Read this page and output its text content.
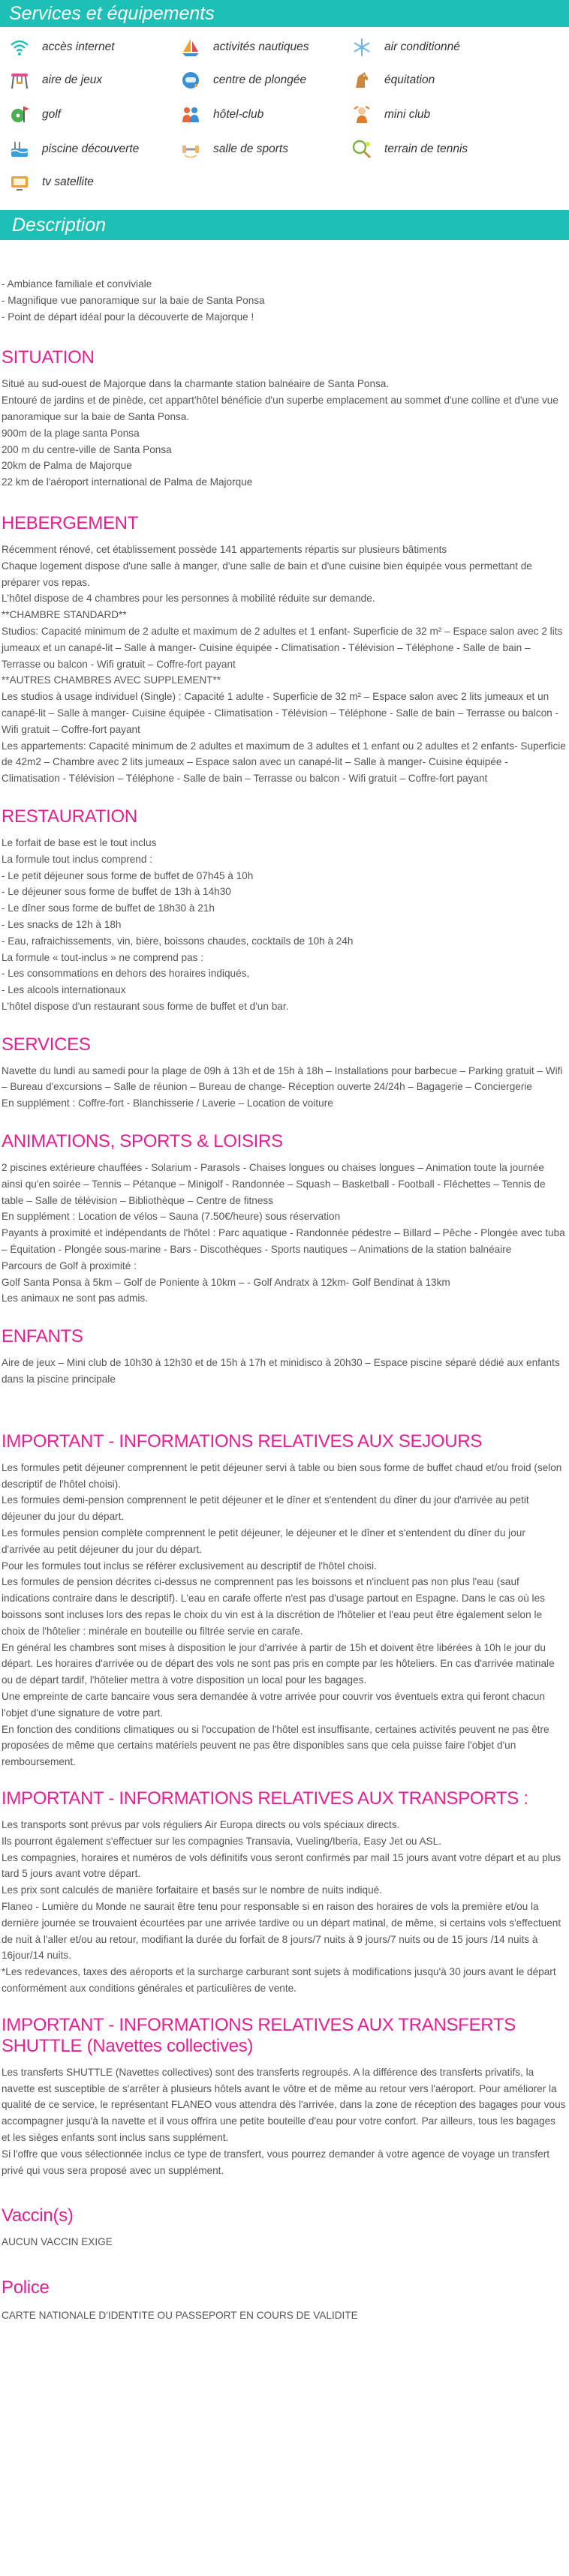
Services et équipements
accès internet	activités nautiques	air conditionné
aire de jeux	centre de plongée	équitation
golf	hôtel-club	mini club
piscine découverte	salle de sports	terrain de tennis
tv satellite
Description

- Ambiance familiale et conviviale

- Magnifique vue panoramique sur la baie de Santa Ponsa

- Point de départ idéal pour la découverte de Majorque !

SITUATION

Situé au sud-ouest de Majorque dans la charmante station balnéaire de Santa Ponsa.

Entouré de jardins et de pinède, cet appart'hôtel bénéficie d'un superbe emplacement au sommet d'une colline et d'une vue panoramique sur la baie de Santa Ponsa.

900m de la plage santa Ponsa

200 m du centre-ville de Santa Ponsa

20km de Palma de Majorque

22 km de l'aéroport international de Palma de Majorque

HEBERGEMENT

Récemment rénové, cet établissement possède 141 appartements répartis sur plusieurs bâtiments

Chaque logement dispose d'une salle à manger, d'une salle de bain et d'une cuisine bien équipée vous permettant de préparer vos repas.

L'hôtel dispose de 4 chambres pour les personnes à mobilité réduite sur demande.

**CHAMBRE STANDARD**

Studios: Capacité minimum de 2 adulte et maximum de 2 adultes et 1 enfant- Superficie de 32 m² – Espace salon avec 2 lits jumeaux et un canapé-lit – Salle à manger- Cuisine équipée - Climatisation - Télévision – Téléphone - Salle de bain – Terrasse ou balcon - Wifi gratuit – Coffre-fort payant

**AUTRES CHAMBRES AVEC SUPPLEMENT**

Les studios à usage individuel (Single) : Capacité 1 adulte - Superficie de 32 m² – Espace salon avec 2 lits jumeaux et un canapé-lit – Salle à manger- Cuisine équipée - Climatisation - Télévision – Téléphone - Salle de bain – Terrasse ou balcon - Wifi gratuit – Coffre-fort payant

Les appartements: Capacité minimum de 2 adultes et maximum de 3 adultes et 1 enfant ou 2 adultes et 2 enfants- Superficie de 42m2 – Chambre avec 2 lits jumeaux – Espace salon avec un canapé-lit – Salle à manger- Cuisine équipée - Climatisation - Télévision – Téléphone - Salle de bain – Terrasse ou balcon - Wifi gratuit – Coffre-fort payant

RESTAURATION

Le forfait de base est le tout inclus

La formule tout inclus comprend :

- Le petit déjeuner sous forme de buffet de 07h45 à 10h

- Le déjeuner sous forme de buffet de 13h à 14h30

- Le dîner sous forme de buffet de 18h30 à 21h

- Les snacks de 12h à 18h

- Eau, rafraichissements, vin, bière, boissons chaudes, cocktails de 10h à 24h

La formule « tout-inclus » ne comprend pas :

- Les consommations en dehors des horaires indiqués,

- Les alcools internationaux

L'hôtel dispose d'un restaurant sous forme de buffet et d'un bar.

SERVICES

Navette du lundi au samedi pour la plage de 09h à 13h et de 15h à 18h – Installations pour barbecue – Parking gratuit – Wifi – Bureau d'excursions – Salle de réunion – Bureau de change- Réception ouverte 24/24h – Bagagerie – Conciergerie

En supplément : Coffre-fort - Blanchisserie / Laverie – Location de voiture

ANIMATIONS, SPORTS & LOISIRS

2 piscines extérieure chauffées - Solarium - Parasols - Chaises longues ou chaises longues – Animation toute la journée ainsi qu'en soirée – Tennis – Pétanque – Minigolf - Randonnée – Squash – Basketball - Football - Fléchettes – Tennis de table – Salle de télévision – Bibliothèque – Centre de fitness

En supplément : Location de vélos – Sauna (7.50€/heure) sous réservation

Payants à proximité et indépendants de l'hôtel : Parc aquatique - Randonnée pédestre – Billard – Pêche - Plongée avec tuba – Équitation - Plongée sous-marine - Bars - Discothèques - Sports nautiques – Animations de la station balnéaire

Parcours de Golf à proximité :

Golf Santa Ponsa à 5km – Golf de Poniente à 10km – - Golf Andratx à 12km- Golf Bendinat à 13km

Les animaux ne sont pas admis.

ENFANTS

Aire de jeux – Mini club de 10h30 à 12h30 et de 15h à 17h et minidisco à 20h30 – Espace piscine séparé dédié aux enfants dans la piscine principale

IMPORTANT - INFORMATIONS RELATIVES AUX SEJOURS

Les formules petit déjeuner comprennent le petit déjeuner servi à table ou bien sous forme de buffet chaud et/ou froid (selon descriptif de l'hôtel choisi).

Les formules demi-pension comprennent le petit déjeuner et le dîner et s'entendent du dîner du jour d'arrivée au petit déjeuner du jour du départ.

Les formules pension complète comprennent le petit déjeuner, le déjeuner et le dîner et s'entendent du dîner du jour d'arrivée au petit déjeuner du jour du départ.

Pour les formules tout inclus se référer exclusivement au descriptif de l'hôtel choisi.

Les formules de pension décrites ci-dessus ne comprennent pas les boissons et n'incluent pas non plus l'eau (sauf indications contraire dans le descriptif). L'eau en carafe offerte n'est pas d'usage partout en Espagne. Dans le cas où les boissons sont incluses lors des repas le choix du vin est à la discrétion de l'hôtelier et l'eau peut être également selon le choix de l'hôtelier : minérale en bouteille ou filtrée servie en carafe.

En général les chambres sont mises à disposition le jour d'arrivée à partir de 15h et doivent être libérées à 10h le jour du départ. Les horaires d'arrivée ou de départ des vols ne sont pas pris en compte par les hôteliers. En cas d'arrivée matinale ou de départ tardif, l'hôtelier mettra à votre disposition un local pour les bagages.

Une empreinte de carte bancaire vous sera demandée à votre arrivée pour couvrir vos éventuels extra qui feront chacun l'objet d'une signature de votre part.

En fonction des conditions climatiques ou si l'occupation de l'hôtel est insuffisante, certaines activités peuvent ne pas être proposées de même que certains matériels peuvent ne pas être disponibles sans que cela puisse faire l'objet d'un remboursement.

IMPORTANT - INFORMATIONS RELATIVES AUX TRANSPORTS :

Les transports sont prévus par vols réguliers Air Europa directs ou vols spéciaux directs.

Ils pourront également s'effectuer sur les compagnies Transavia, Vueling/Iberia, Easy Jet ou ASL.

Les compagnies, horaires et numéros de vols définitifs vous seront confirmés par mail 15 jours avant votre départ et au plus tard 5 jours avant votre départ.

Les prix sont calculés de manière forfaitaire et basés sur le nombre de nuits indiqué.

Flaneo - Lumière du Monde ne saurait être tenu pour responsable si en raison des horaires de vols la première et/ou la dernière journée se trouvaient écourtées par une arrivée tardive ou un départ matinal, de même, si certains vols s'effectuent de nuit à l'aller et/ou au retour, modifiant la durée du forfait de 8 jours/7 nuits à 9 jours/7 nuits ou de 15 jours /14 nuits à 16jour/14 nuits.

*Les redevances, taxes des aéroports et la surcharge carburant sont sujets à modifications jusqu'à 30 jours avant le départ conformément aux conditions générales et particulières de vente.

IMPORTANT - INFORMATIONS RELATIVES AUX TRANSFERTS SHUTTLE (Navettes collectives)

Les transferts SHUTTLE (Navettes collectives) sont des transferts regroupés. A la différence des transferts privatifs, la navette est susceptible de s'arrêter à plusieurs hôtels avant le vôtre et de même au retour vers l'aéroport. Pour améliorer la qualité de ce service, le représentant FLANEO vous attendra dès l'arrivée, dans la zone de réception des bagages pour vous accompagner jusqu'à la navette et il vous offrira une petite bouteille d'eau pour votre confort. Par ailleurs, tous les bagages et les sièges enfants sont inclus sans supplément.

Si l'offre que vous sélectionnée inclus ce type de transfert, vous pourrez demander à votre agence de voyage un transfert privé qui vous sera proposé avec un supplément.

Vaccin(s)

AUCUN VACCIN EXIGE

Police

CARTE NATIONALE D'IDENTITE OU PASSEPORT EN COURS DE VALIDITE
